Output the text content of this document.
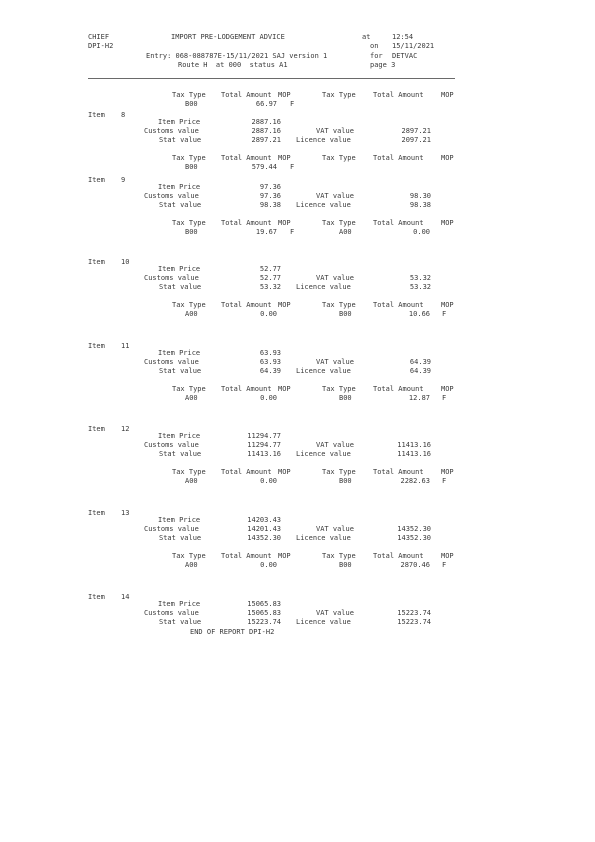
CHIEF
DPI-H2
IMPORT PRE-LODGEMENT ADVICE	at	12:54
on 15/11/2021
Entry: 068-088787E-15/11/2021 SAJ version 1	for DETVAC
Route H  at 000  status A1	page 3
Tax Type Total Amount MOP	Tax Type Total Amount MOP
B00	66.97 F
Item 8
Item Price	2887.16
Customs value	2887.16	VAT value	2897.21
Stat value	2897.21 Licence value	2097.21
Tax Type Total Amount MOP	Tax Type Total Amount MOP
B00	579.44 F
Item 9
Item Price	97.36
Customs value	97.36	VAT value	98.30
Stat value	98.38 Licence value	98.38
Tax Type Total Amount MOP	Tax Type Total Amount MOP
B00	19.67 F	A00	0.00
Item 10
Item Price	52.77
Customs value	52.77	VAT value	53.32
Stat value	53.32 Licence value	53.32
Tax Type Total Amount MOP	Tax Type Total Amount MOP
A00	0.00	B00	10.66 F
Item 11
Item Price	63.93
Customs value	63.93	VAT value	64.39
Stat value	64.39 Licence value	64.39
Tax Type Total Amount MOP	Tax Type Total Amount MOP
A00	0.00	B00	12.87 F
Item 12
Item Price	11294.77
Customs value	11294.77	VAT value	11413.16
Stat value	11413.16 Licence value	11413.16
Tax Type Total Amount MOP	Tax Type Total Amount MOP
A00	0.00	B00	2282.63 F
Item 13
Item Price	14203.43
Customs value	14201.43	VAT value	14352.30
Stat value	14352.30 Licence value	14352.30
Tax Type Total Amount MOP	Tax Type Total Amount MOP
A00	0.00	B00	2870.46 F
Item 14
Item Price	15065.83
Customs value	15065.83	VAT value	15223.74
Stat value	15223.74 Licence value	15223.74
END OF REPORT DPI-H2
